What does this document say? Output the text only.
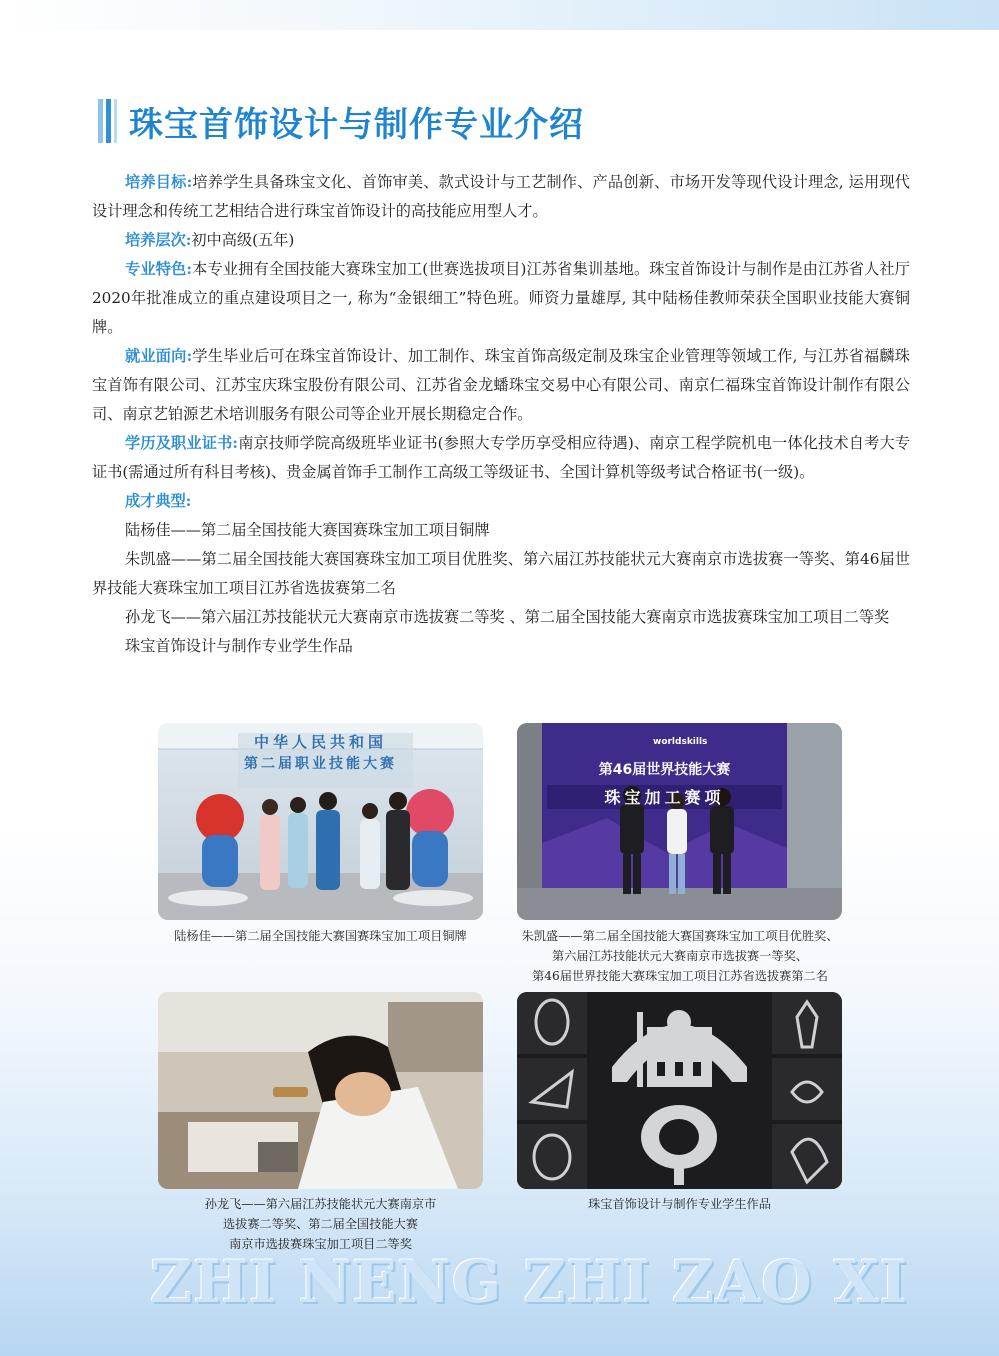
珠宝首饰设计与制作专业介绍

培养目标:培养学生具备珠宝文化、首饰审美、款式设计与工艺制作、产品创新、市场开发等现代设计理念, 运用现代设计理念和传统工艺相结合进行珠宝首饰设计的高技能应用型人才。

培养层次:初中高级(五年)

专业特色:本专业拥有全国技能大赛珠宝加工(世赛选拔项目)江苏省集训基地。珠宝首饰设计与制作是由江苏省人社厅2020年批准成立的重点建设项目之一, 称为“金银细工”特色班。师资力量雄厚, 其中陆杨佳教师荣获全国职业技能大赛铜牌。

就业面向:学生毕业后可在珠宝首饰设计、加工制作、珠宝首饰高级定制及珠宝企业管理等领域工作, 与江苏省福麟珠宝首饰有限公司、江苏宝庆珠宝股份有限公司、江苏省金龙蟠珠宝交易中心有限公司、南京仁福珠宝首饰设计制作有限公司、南京艺铂源艺术培训服务有限公司等企业开展长期稳定合作。

学历及职业证书:南京技师学院高级班毕业证书(参照大专学历享受相应待遇)、南京工程学院机电一体化技术自考大专证书(需通过所有科目考核)、贵金属首饰手工制作工高级工等级证书、全国计算机等级考试合格证书(一级)。

成才典型:

陆杨佳——第二届全国技能大赛国赛珠宝加工项目铜牌

朱凯盛——第二届全国技能大赛国赛珠宝加工项目优胜奖、第六届江苏技能状元大赛南京市选拔赛一等奖、第46届世界技能大赛珠宝加工项目江苏省选拔赛第二名

孙龙飞——第六届江苏技能状元大赛南京市选拔赛二等奖 、第二届全国技能大赛南京市选拔赛珠宝加工项目二等奖

珠宝首饰设计与制作专业学生作品

中华人民共和国
第二届职业技能大赛
陆杨佳——第二届全国技能大赛国赛珠宝加工项目铜牌
worldskills
第46届世界技能大赛
珠宝加工赛项
朱凯盛——第二届全国技能大赛国赛珠宝加工项目优胜奖、
第六届江苏技能状元大赛南京市选拔赛一等奖、
第46届世界技能大赛珠宝加工项目江苏省选拔赛第二名
孙龙飞——第六届江苏技能状元大赛南京市
选拔赛二等奖、第二届全国技能大赛
南京市选拔赛珠宝加工项目二等奖
珠宝首饰设计与制作专业学生作品
ZHI NENG ZHI ZAO XI
